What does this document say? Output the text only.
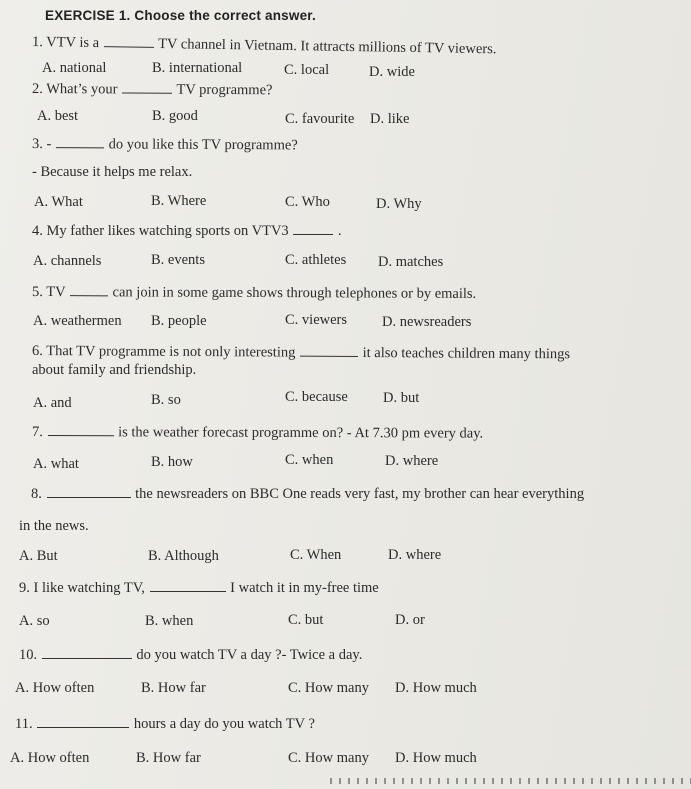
EXERCISE 1. Choose the correct answer.
1. VTV is a	TV channel in Vietnam. It attracts millions of TV viewers.
A. national	B. international	C. local	D. wide
2. What’s your	TV programme?
A. best	B. good	C. favourite D. like
3. -	do you like this TV programme?
- Because it helps me relax.
A. What	B. Where	C. Who	D. Why
4. My father likes watching sports on VTV3	.
A. channels	B. events	C. athletes D. matches
5. TV	can join in some game shows through telephones or by emails.
A. weathermen B. people	C. viewers D. newsreaders
6. That TV programme is not only interesting	it also teaches children many things
about family and friendship.
A. and	B. so	C. because D. but
7.	is the weather forecast programme on? - At 7.30 pm every day.
A. what	B. how	C. when	D. where
8.	the newsreaders on BBC One reads very fast, my brother can hear everything
in the news.
A. But	B. Although	C. When	D. where
9. I like watching TV,	I watch it in my-free time
A. so	B. when	C. but	D. or
10.	do you watch TV a day ?- Twice a day.
A. How often	B. How far	C. How many D. How much
11.	hours a day do you watch TV ?
A. How often	B. How far	C. How many D. How much
